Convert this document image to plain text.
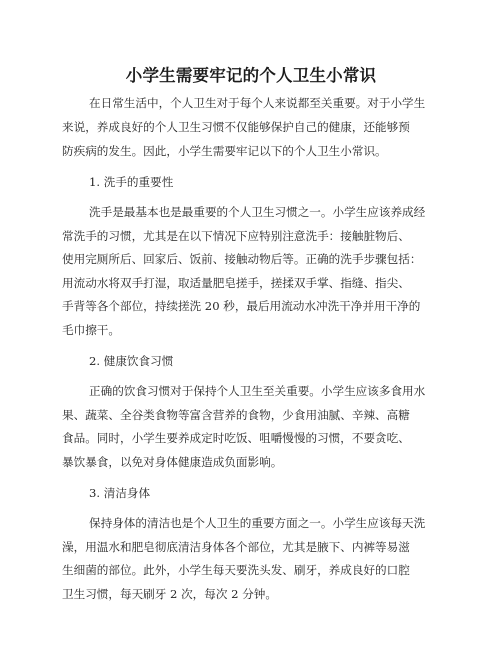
小学生需要牢记的个人卫生小常识
在日常生活中，个人卫生对于每个人来说都至关重要。对于小学生
来说，养成良好的个人卫生习惯不仅能够保护自己的健康，还能够预
防疾病的发生。因此，小学生需要牢记以下的个人卫生小常识。
1. 洗手的重要性
洗手是最基本也是最重要的个人卫生习惯之一。小学生应该养成经
常洗手的习惯，尤其是在以下情况下应特别注意洗手：接触脏物后、
使用完厕所后、回家后、饭前、接触动物后等。正确的洗手步骤包括：
用流动水将双手打湿，取适量肥皂搓手，搓揉双手掌、指缝、指尖、
手背等各个部位，持续搓洗 20 秒，最后用流动水冲洗干净并用干净的
毛巾擦干。
2. 健康饮食习惯
正确的饮食习惯对于保持个人卫生至关重要。小学生应该多食用水
果、蔬菜、全谷类食物等富含营养的食物，少食用油腻、辛辣、高糖
食品。同时，小学生要养成定时吃饭、咀嚼慢慢的习惯，不要贪吃、
暴饮暴食，以免对身体健康造成负面影响。
3. 清洁身体
保持身体的清洁也是个人卫生的重要方面之一。小学生应该每天洗
澡，用温水和肥皂彻底清洁身体各个部位，尤其是腋下、内裤等易滋
生细菌的部位。此外，小学生每天要洗头发、刷牙，养成良好的口腔
卫生习惯，每天刷牙 2 次，每次 2 分钟。
